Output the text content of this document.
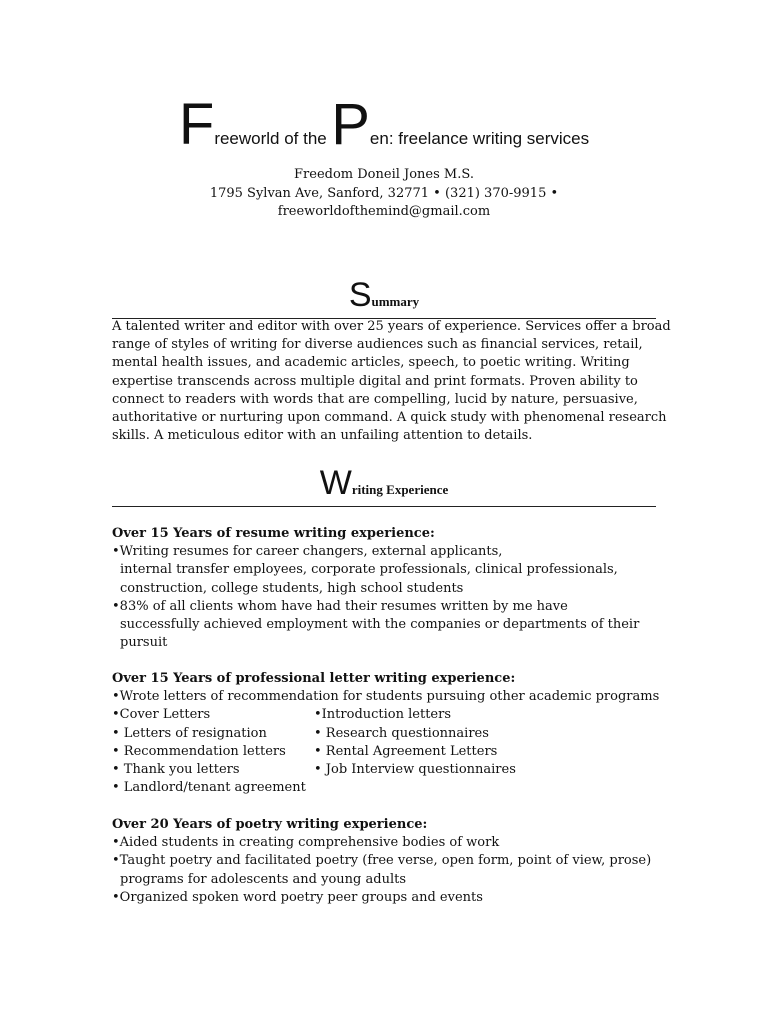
Freeworld of the Pen: freelance writing services
Freedom Doneil Jones M.S.
1795 Sylvan Ave, Sanford, 32771 • (321) 370-9915 •
freeworldofthemind@gmail.com
Summary
A talented writer and editor with over 25 years of experience. Services offer a broad
range of styles of writing for diverse audiences such as financial services, retail,
mental health issues, and academic articles, speech, to poetic writing. Writing
expertise transcends across multiple digital and print formats. Proven ability to
connect to readers with words that are compelling, lucid by nature, persuasive,
authoritative or nurturing upon command. A quick study with phenomenal research
skills. A meticulous editor with an unfailing attention to details.
Writing Experience
Over 15 Years of resume writing experience:
•Writing resumes for career changers, external applicants,
internal transfer employees, corporate professionals, clinical professionals,
construction, college students, high school students
•83% of all clients whom have had their resumes written by me have
successfully achieved employment with the companies or departments of their
pursuit
Over 15 Years of professional letter writing experience:
•Wrote letters of recommendation for students pursuing other academic programs
•Cover Letters
• Letters of resignation
• Recommendation letters
• Thank you letters
• Landlord/tenant agreement
•Introduction letters
• Research questionnaires
• Rental Agreement Letters
• Job Interview questionnaires
Over 20 Years of poetry writing experience:
•Aided students in creating comprehensive bodies of work
•Taught poetry and facilitated poetry (free verse, open form, point of view, prose)
programs for adolescents and young adults
•Organized spoken word poetry peer groups and events
